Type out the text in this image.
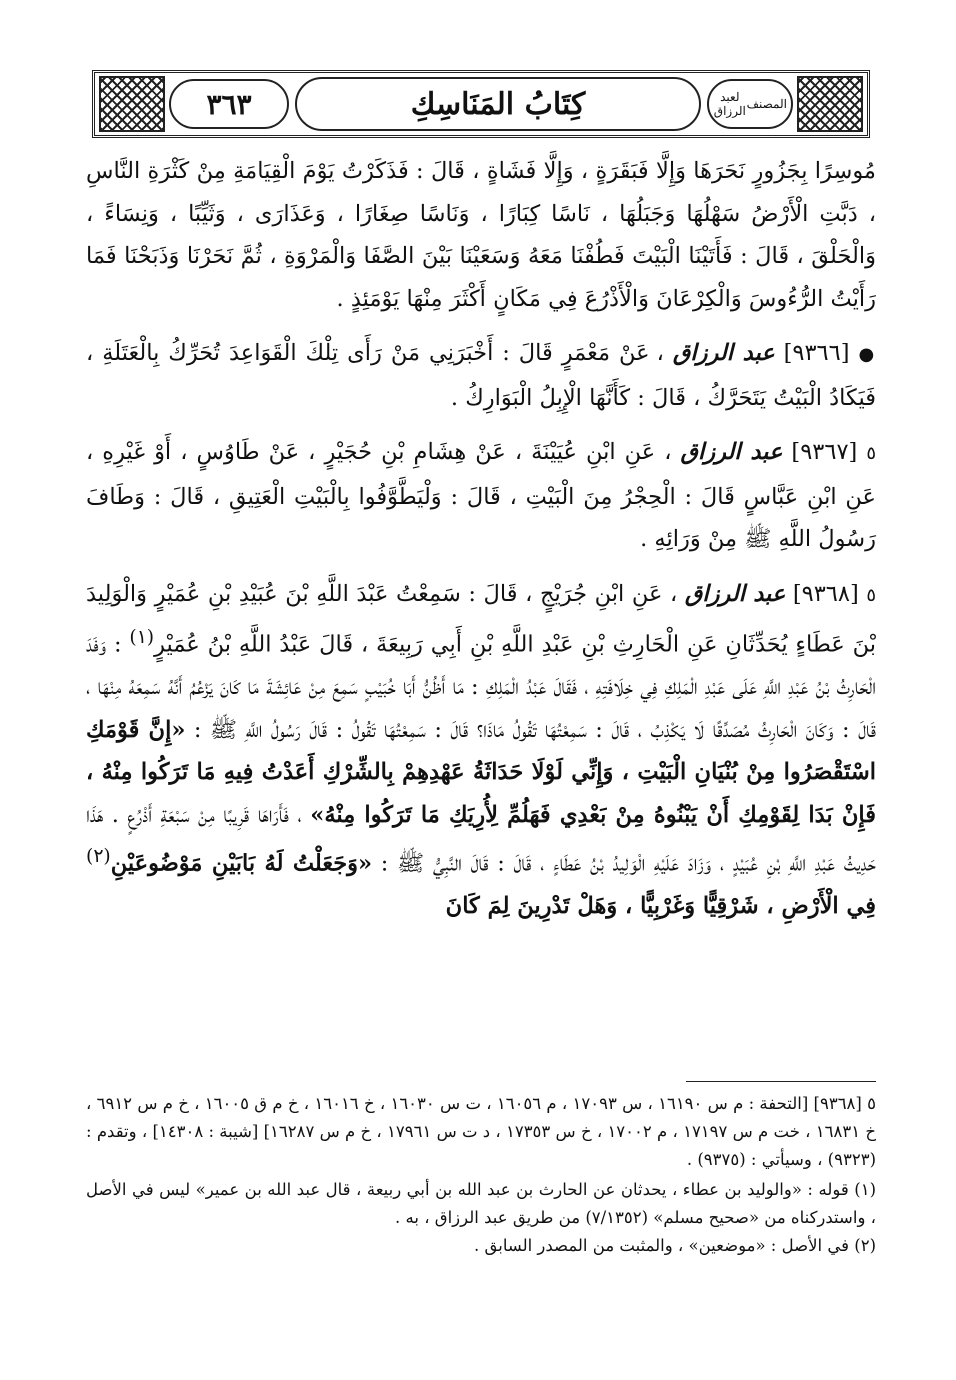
٣٦٣	كِتَابُ المَنَاسِكِ	المصنف
لعبد الرزاق

مُوسِرًا بِجَزُورٍ نَحَرَهَا وَإِلَّا فَبَقَرَةٍ ، وَإِلَّا فَشَاةٍ ، قَالَ : فَذَكَرْتُ يَوْمَ الْقِيَامَةِ مِنْ كَثْرَةِ النَّاسِ ، دَبَّتِ الْأَرْضُ سَهْلُهَا وَجَبَلُهَا ، نَاسًا كِبَارًا ، وَنَاسًا صِغَارًا ، وَعَذَارَى ، وَثَيِّبًا ، وَنِسَاءً ، وَالْحَلْقَ ، قَالَ : فَأَتَيْنَا الْبَيْتَ فَطُفْنَا مَعَهُ وَسَعَيْنَا بَيْنَ الصَّفَا وَالْمَرْوَةِ ، ثُمَّ نَحَرْنَا وَذَبَحْنَا فَمَا رَأَيْتُ الرُّءُوسَ وَالْكِرْعَانَ وَالْأَذْرُعَ فِي مَكَانٍ أَكْثَرَ مِنْهَا يَوْمَئِذٍ .

● [٩٣٦٦] عبد الرزاق ، عَنْ مَعْمَرٍ قَالَ : أَخْبَرَنِي مَنْ رَأَى تِلْكَ الْقَوَاعِدَ تُحَرِّكُ بِالْعَتَلَةِ ، فَيَكَادُ الْبَيْتُ يَتَحَرَّكُ ، قَالَ : كَأَنَّهَا الْإِبِلُ الْبَوَارِكُ .

٥ [٩٣٦٧] عبد الرزاق ، عَنِ ابْنِ عُيَيْنَةَ ، عَنْ هِشَامِ بْنِ حُجَيْرٍ ، عَنْ طَاوُسٍ ، أَوْ غَيْرِهِ ، عَنِ ابْنِ عَبَّاسٍ قَالَ : الْحِجْرُ مِنَ الْبَيْتِ ، قَالَ : وَلْيَطَّوَّفُوا بِالْبَيْتِ الْعَتِيقِ ، قَالَ : وَطَافَ رَسُولُ اللَّهِ ﷺ مِنْ وَرَائِهِ .

٥ [٩٣٦٨] عبد الرزاق ، عَنِ ابْنِ جُرَيْجٍ ، قَالَ : سَمِعْتُ عَبْدَ اللَّهِ بْنَ عُبَيْدِ بْنِ عُمَيْرٍ وَالْوَلِيدَ بْنَ عَطَاءٍ يُحَدِّثَانِ عَنِ الْحَارِثِ بْنِ عَبْدِ اللَّهِ بْنِ أَبِي رَبِيعَةَ ، قَالَ عَبْدُ اللَّهِ بْنُ عُمَيْرٍ$^{(١)}$ : وَفَدَ الْحَارِثُ بْنُ عَبْدِ اللَّهِ عَلَى عَبْدِ الْمَلِكِ فِي خِلَافَتِهِ ، فَقَالَ عَبْدُ الْمَلِكِ : مَا أَظُنُّ أَبَا خُبَيْبٍ سَمِعَ مِنْ عَائِشَةَ مَا كَانَ يَزْعُمُ أَنَّهُ سَمِعَهُ مِنْهَا ، قَالَ : وَكَانَ الْحَارِثُ مُصَدِّقًا لَا يَكْذِبُ ، قَالَ : سَمِعْتُهَا تَقُولُ مَاذَا؟ قَالَ : سَمِعْتُهَا تَقُولُ : قَالَ رَسُولُ اللَّهِ ﷺ : «إِنَّ قَوْمَكِ اسْتَقْصَرُوا مِنْ بُنْيَانِ الْبَيْتِ ، وَإِنِّي لَوْلَا حَدَاثَةُ عَهْدِهِمْ بِالشِّرْكِ أَعَدْتُ فِيهِ مَا تَرَكُوا مِنْهُ ، فَإِنْ بَدَا لِقَوْمِكِ أَنْ يَبْنُوهُ مِنْ بَعْدِي فَهَلُمِّ لِأُرِيَكِ مَا تَرَكُوا مِنْهُ» ، فَأَرَاهَا قَرِيبًا مِنْ سَبْعَةِ أَذْرُعٍ . هَذَا حَدِيثُ عَبْدِ اللَّهِ بْنِ عُبَيْدٍ ، وَزَادَ عَلَيْهِ الْوَلِيدُ بْنُ عَطَاءٍ ، قَالَ : قَالَ النَّبِيُّ ﷺ : «وَجَعَلْتُ لَهُ بَابَيْنِ مَوْضُوعَيْنِ$^{(٢)}$ فِي الْأَرْضِ ، شَرْقِيًّا وَغَرْبِيًّا ، وَهَلْ تَدْرِينَ لِمَ كَانَ

٥ [٩٣٦٨] [التحفة : م س ١٦١٩٠ ، س ١٧٠٩٣ ، م ١٦٠٥٦ ، ت س ١٦٠٣٠ ، خ ١٦٠١٦ ، خ م ق ١٦٠٠٥ ، خ م س ٦٩١٢ ، خ ١٦٨٣١ ، خت م س ١٧١٩٧ ، م ١٧٠٠٢ ، خ س ١٧٣٥٣ ، د ت س ١٧٩٦١ ، خ م س ١٦٢٨٧] [شيبة : ١٤٣٠٨] ، وتقدم : (٩٣٢٣) ، وسيأتي : (٩٣٧٥) .

(١) قوله : «والوليد بن عطاء ، يحدثان عن الحارث بن عبد الله بن أبي ربيعة ، قال عبد الله بن عمير» ليس في الأصل ، واستدركناه من «صحيح مسلم» (٧/١٣٥٢) من طريق عبد الرزاق ، به .

(٢) في الأصل : «موضعين» ، والمثبت من المصدر السابق .
